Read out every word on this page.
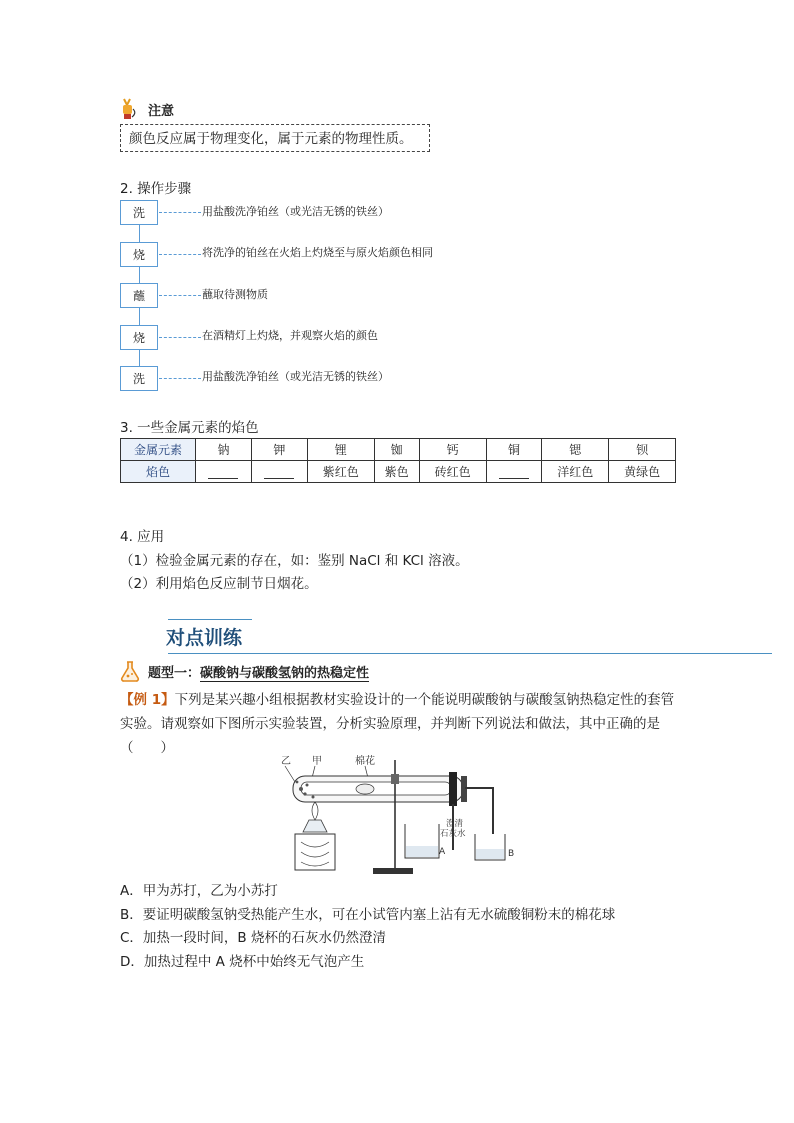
注意
颜色反应属于物理变化，属于元素的物理性质。
2. 操作步骤
洗	用盐酸洗净铂丝（或光洁无锈的铁丝）
烧	将洗净的铂丝在火焰上灼烧至与原火焰颜色相同
蘸	蘸取待测物质
烧	在酒精灯上灼烧，并观察火焰的颜色
洗	用盐酸洗净铂丝（或光洁无锈的铁丝）
3. 一些金属元素的焰色
金属元素	钠	钾	锂	铷	钙	铜	锶	钡
焰色			紫红色	紫色	砖红色		洋红色	黄绿色
4. 应用
（1）检验金属元素的存在，如：鉴别 NaCl 和 KCl 溶液。
（2）利用焰色反应制节日烟花。
对点训练
题型一：碳酸钠与碳酸氢钠的热稳定性
【例 1】下列是某兴趣小组根据教材实验设计的一个能说明碳酸钠与碳酸氢钠热稳定性的套管实验。请观察如下图所示实验装置，分析实验原理，并判断下列说法和做法，其中正确的是（　　）
乙 甲	棉花
A	B
澄清
石灰水
A．甲为苏打，乙为小苏打
B．要证明碳酸氢钠受热能产生水，可在小试管内塞上沾有无水硫酸铜粉末的棉花球
C．加热一段时间，B 烧杯的石灰水仍然澄清
D．加热过程中 A 烧杯中始终无气泡产生
